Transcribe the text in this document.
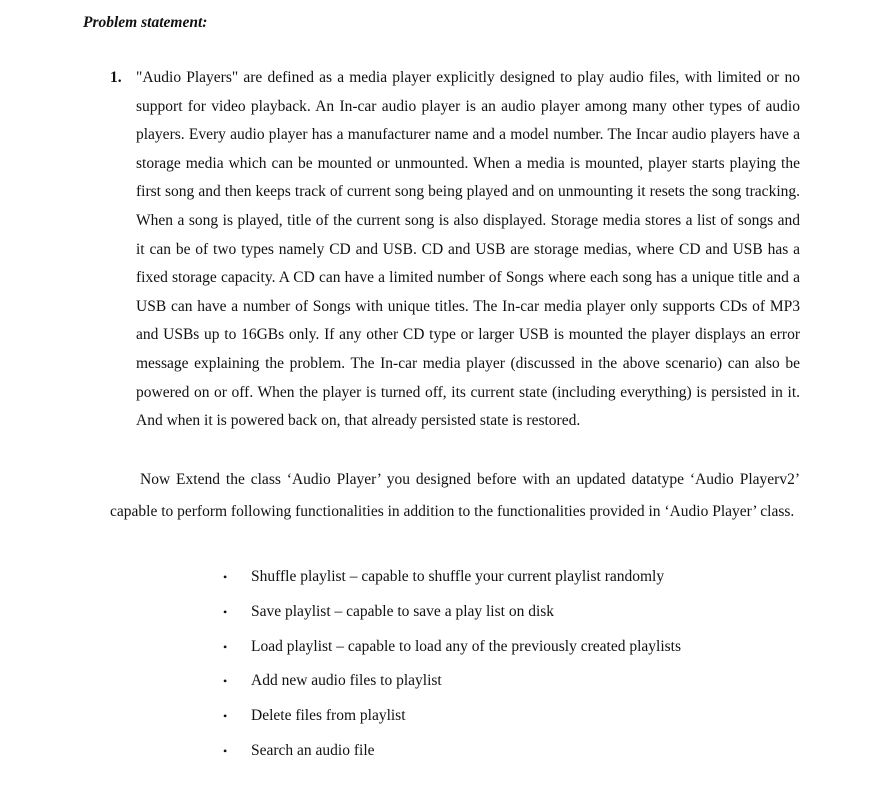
Problem statement:
1. "Audio Players" are defined as a media player explicitly designed to play audio files, with limited or no support for video playback. An In-car audio player is an audio player among many other types of audio players. Every audio player has a manufacturer name and a model number. The Incar audio players have a storage media which can be mounted or unmounted. When a media is mounted, player starts playing the first song and then keeps track of current song being played and on unmounting it resets the song tracking. When a song is played, title of the current song is also displayed. Storage media stores a list of songs and it can be of two types namely CD and USB. CD and USB are storage medias, where CD and USB has a fixed storage capacity. A CD can have a limited number of Songs where each song has a unique title and a USB can have a number of Songs with unique titles. The In-car media player only supports CDs of MP3 and USBs up to 16GBs only. If any other CD type or larger USB is mounted the player displays an error message explaining the problem. The In-car media player (discussed in the above scenario) can also be powered on or off. When the player is turned off, its current state (including everything) is persisted in it. And when it is powered back on, that already persisted state is restored.
Now Extend the class ‘Audio Player’ you designed before with an updated datatype ‘Audio Playerv2’ capable to perform following functionalities in addition to the functionalities provided in ‘Audio Player’ class.
• Shuffle playlist – capable to shuffle your current playlist randomly
• Save playlist – capable to save a play list on disk
• Load playlist – capable to load any of the previously created playlists
• Add new audio files to playlist
• Delete files from playlist
• Search an audio file
